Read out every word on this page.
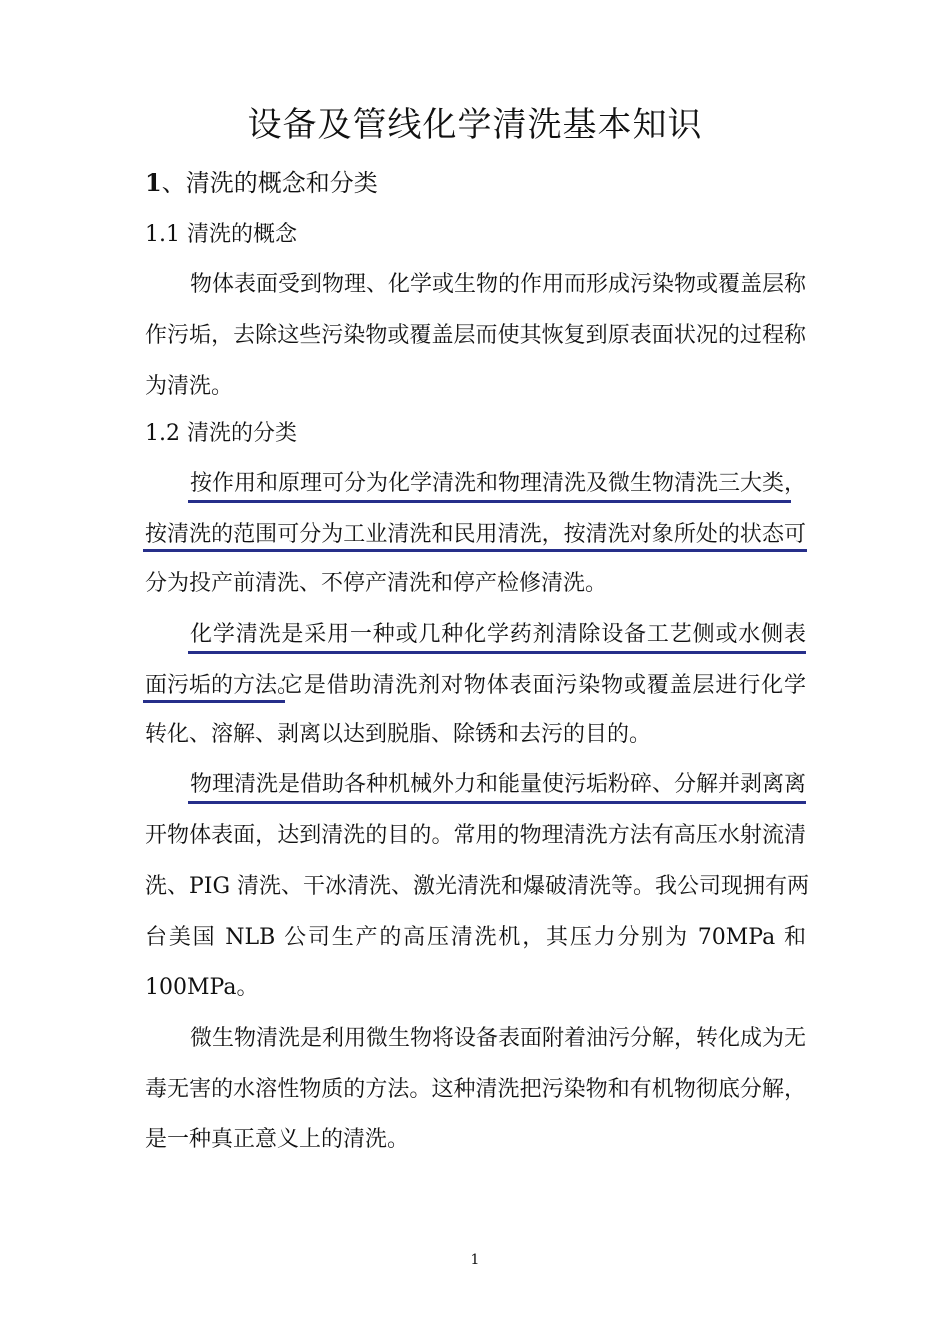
设备及管线化学清洗基本知识
1、清洗的概念和分类
1.1 清洗的概念
物体表面受到物理、化学或生物的作用而形成污染物或覆盖层称
作污垢，去除这些污染物或覆盖层而使其恢复到原表面状况的过程称
为清洗。
1.2 清洗的分类
按作用和原理可分为化学清洗和物理清洗及微生物清洗三大类，
按清洗的范围可分为工业清洗和民用清洗，按清洗对象所处的状态可
分为投产前清洗、不停产清洗和停产检修清洗。
化学清洗是采用一种或几种化学药剂清除设备工艺侧或水侧表
面污垢的方法。它是借助清洗剂对物体表面污染物或覆盖层进行化学
转化、溶解、剥离以达到脱脂、除锈和去污的目的。
物理清洗是借助各种机械外力和能量使污垢粉碎、分解并剥离离
开物体表面，达到清洗的目的。常用的物理清洗方法有高压水射流清
洗、PIG 清洗、干冰清洗、激光清洗和爆破清洗等。我公司现拥有两
台美国 NLB 公司生产的高压清洗机，其压力分别为 70MPa 和
100MPa。
微生物清洗是利用微生物将设备表面附着油污分解，转化成为无
毒无害的水溶性物质的方法。这种清洗把污染物和有机物彻底分解，
是一种真正意义上的清洗。
1
